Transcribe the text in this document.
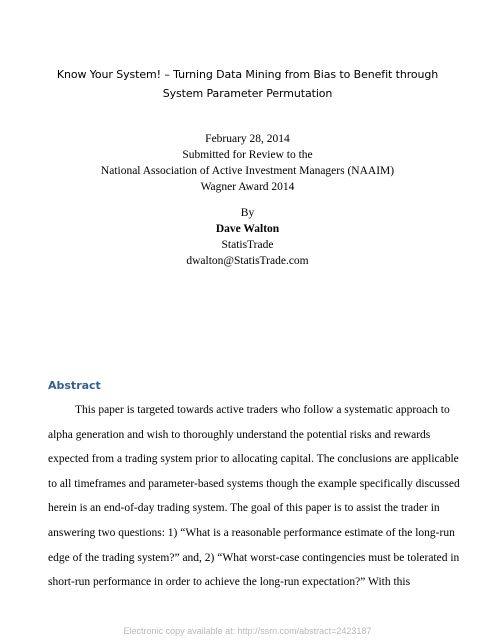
Know Your System! – Turning Data Mining from Bias to Benefit through
System Parameter Permutation
February 28, 2014
Submitted for Review to the
National Association of Active Investment Managers (NAAIM)
Wagner Award 2014
By
Dave Walton
StatisTrade
dwalton@StatisTrade.com
Abstract
This paper is targeted towards active traders who follow a systematic approach to
alpha generation and wish to thoroughly understand the potential risks and rewards
expected from a trading system prior to allocating capital. The conclusions are applicable
to all timeframes and parameter-based systems though the example specifically discussed
herein is an end-of-day trading system. The goal of this paper is to assist the trader in
answering two questions: 1) “What is a reasonable performance estimate of the long-run
edge of the trading system?” and, 2) “What worst-case contingencies must be tolerated in
short-run performance in order to achieve the long-run expectation?” With this
Electronic copy available at: http://ssrn.com/abstract=2423187
